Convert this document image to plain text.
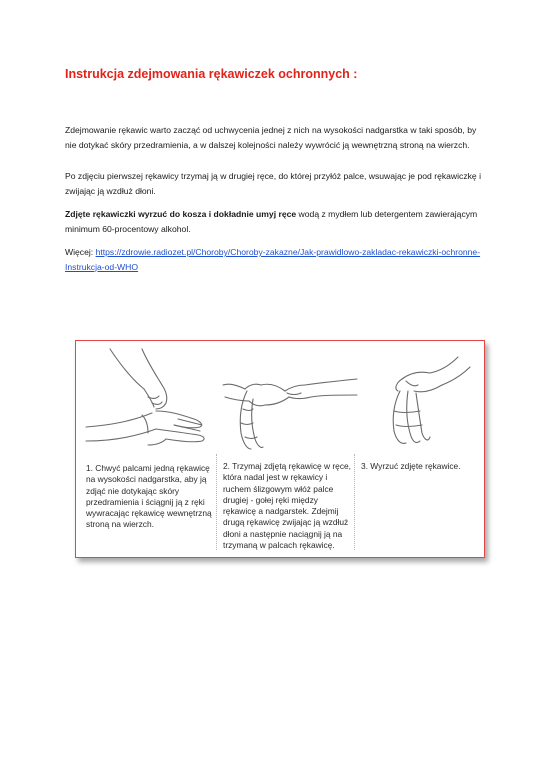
Instrukcja zdejmowania rękawiczek ochronnych :

Zdejmowanie rękawic warto zacząć od uchwycenia jednej z nich na wysokości nadgarstka w taki sposób, by nie dotykać skóry przedramienia, a w dalszej kolejności należy wywrócić ją wewnętrzną stroną na wierzch.

Po zdjęciu pierwszej rękawicy trzymaj ją w drugiej ręce, do której przyłóż palce, wsuwając je pod rękawiczkę i zwijając ją wzdłuż dłoni.

Zdjęte rękawiczki wyrzuć do kosza i dokładnie umyj ręce wodą z mydłem lub detergentem zawierającym minimum 60-procentowy alkohol.

Więcej: https://zdrowie.radiozet.pl/Choroby/Choroby-zakazne/Jak-prawidlowo-zakladac-rekawiczki-ochronne-Instrukcja-od-WHO

1. Chwyć palcami jedną rękawicę na wysokości nadgarstka, aby ją zdjąć nie dotykając skóry przedramienia i ściągnij ją z ręki wywracając rękawicę wewnętrzną stroną na wierzch.

2. Trzymaj zdjętą rękawicę w ręce, która nadal jest w rękawicy i ruchem ślizgowym włóż palce drugiej - gołej ręki między rękawicę a nadgarstek. Zdejmij drugą rękawicę zwijając ją wzdłuż dłoni a następnie naciągnij ją na trzymaną w palcach rękawicę.

3. Wyrzuć zdjęte rękawice.
